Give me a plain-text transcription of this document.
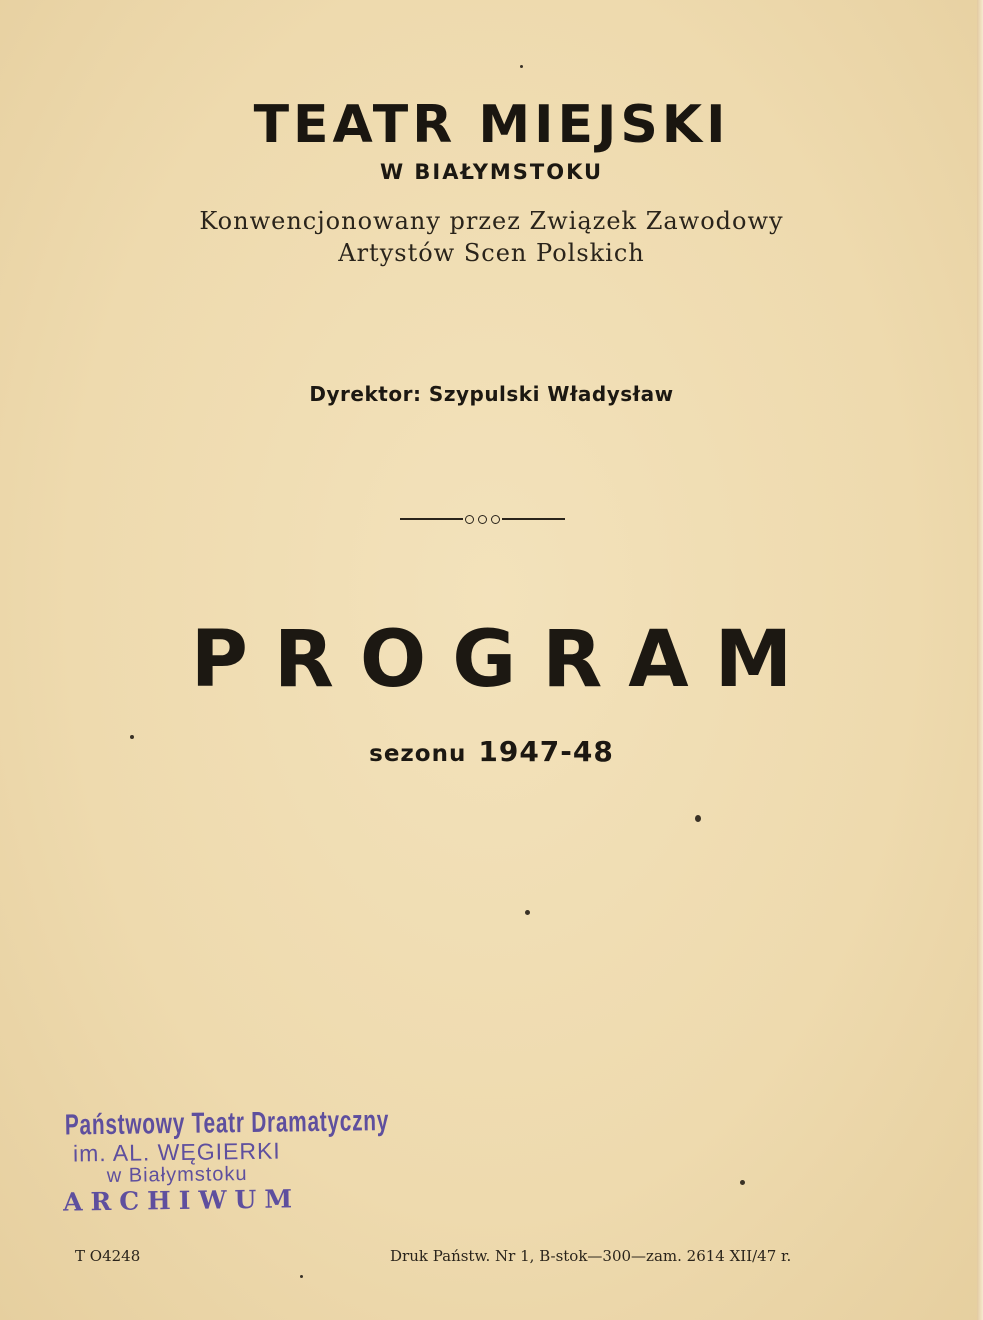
TEATR MIEJSKI
W BIAŁYMSTOKU
Konwencjonowany przez Związek Zawodowy
Artystów Scen Polskich
Dyrektor: Szypulski Władysław
PROGRAM
sezonu 1947-48
Państwowy Teatr Dramatyczny
im. AL. WĘGIERKI
w Białymstoku
ARCHIWUM
T O4248	Druk Państw. Nr 1, B-stok—300—zam. 2614 XII/47 r.
